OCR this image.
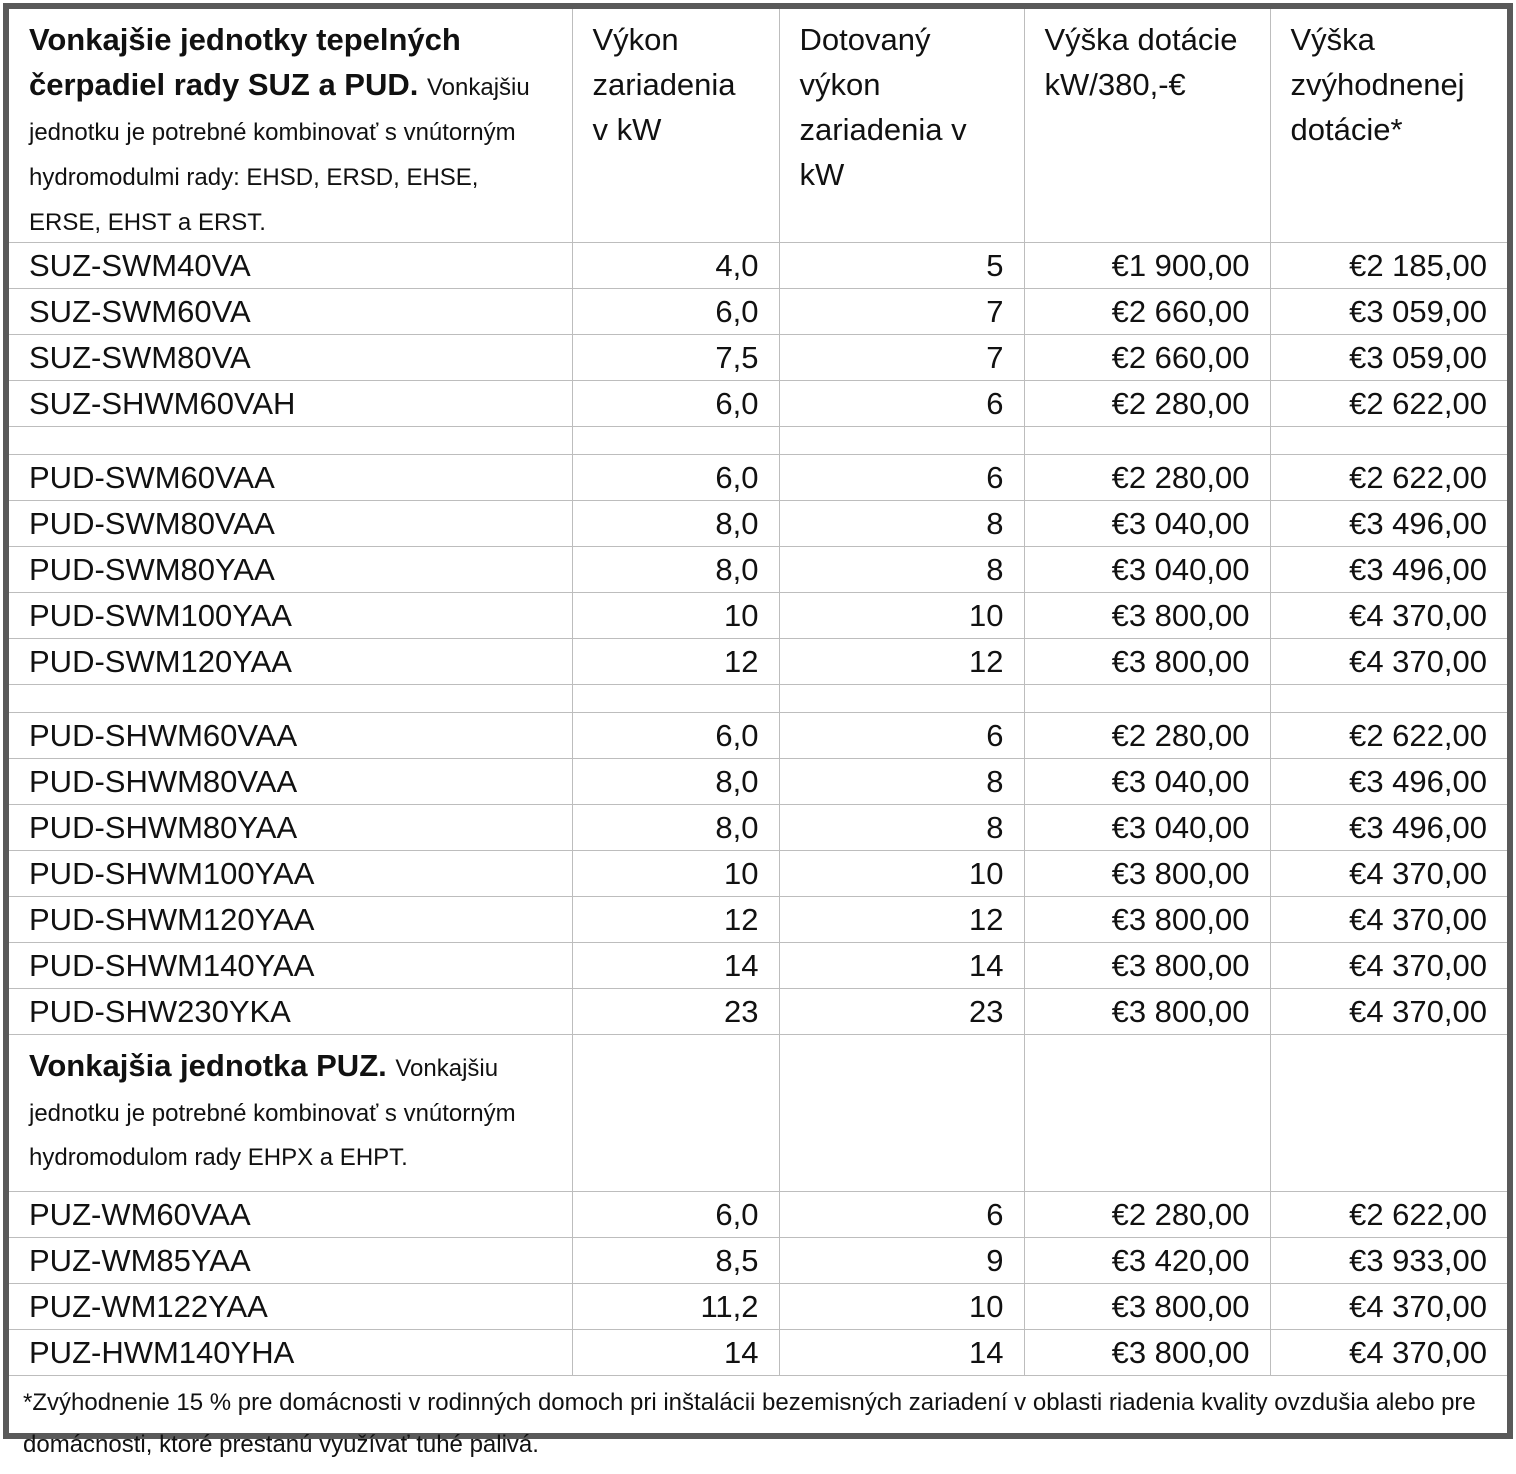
Vonkajšie jednotky tepelných čerpadiel rady SUZ a PUD. Vonkajšiu jednotku je potrebné kombinovať s vnútorným hydromodulmi rady: EHSD, ERSD, EHSE, ERSE, EHST a ERST.	Výkon zariadenia v kW	Dotovaný výkon zariadenia v kW	Výška dotácie kW/380,-€	Výška zvýhodnenej dotácie*
SUZ-SWM40VA	4,0	5	€1 900,00	€2 185,00
SUZ-SWM60VA	6,0	7	€2 660,00	€3 059,00
SUZ-SWM80VA	7,5	7	€2 660,00	€3 059,00
SUZ-SHWM60VAH	6,0	6	€2 280,00	€2 622,00

PUD-SWM60VAA	6,0	6	€2 280,00	€2 622,00
PUD-SWM80VAA	8,0	8	€3 040,00	€3 496,00
PUD-SWM80YAA	8,0	8	€3 040,00	€3 496,00
PUD-SWM100YAA	10	10	€3 800,00	€4 370,00
PUD-SWM120YAA	12	12	€3 800,00	€4 370,00

PUD-SHWM60VAA	6,0	6	€2 280,00	€2 622,00
PUD-SHWM80VAA	8,0	8	€3 040,00	€3 496,00
PUD-SHWM80YAA	8,0	8	€3 040,00	€3 496,00
PUD-SHWM100YAA	10	10	€3 800,00	€4 370,00
PUD-SHWM120YAA	12	12	€3 800,00	€4 370,00
PUD-SHWM140YAA	14	14	€3 800,00	€4 370,00
PUD-SHW230YKA	23	23	€3 800,00	€4 370,00
Vonkajšia jednotka PUZ. Vonkajšiu jednotku je potrebné kombinovať s vnútorným hydromodulom rady EHPX a EHPT.				
PUZ-WM60VAA	6,0	6	€2 280,00	€2 622,00
PUZ-WM85YAA	8,5	9	€3 420,00	€3 933,00
PUZ-WM122YAA	11,2	10	€3 800,00	€4 370,00
PUZ-HWM140YHA	14	14	€3 800,00	€4 370,00
*Zvýhodnenie 15 % pre domácnosti v rodinných domoch pri inštalácii bezemisných zariadení v oblasti riadenia kvality ovzdušia alebo pre domácnosti, ktoré prestanú využívať tuhé palivá.				
